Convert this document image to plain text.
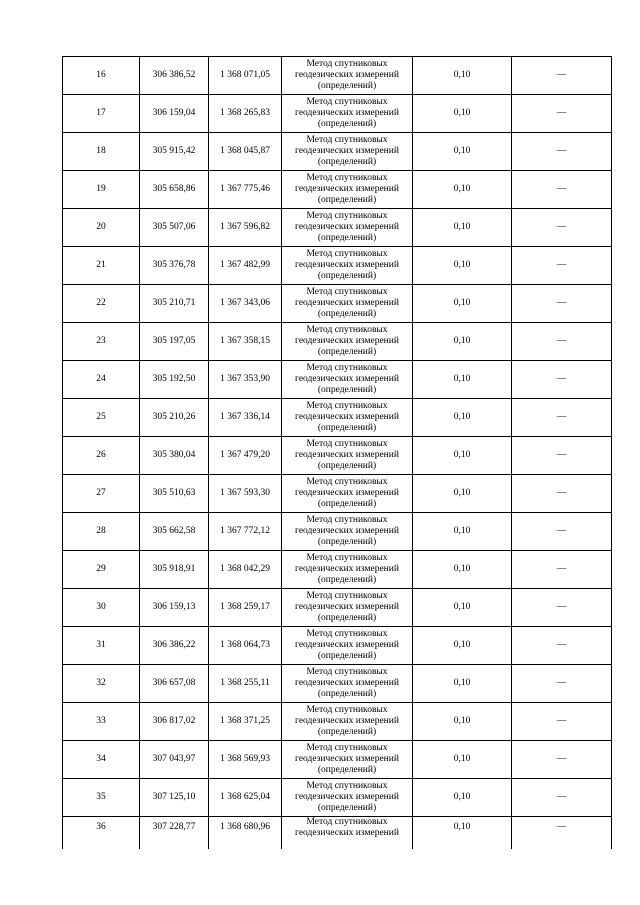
16	306 386,52	1 368 071,05	Метод спутниковых
геодезических измерений
(определений)	0,10	—
17	306 159,04	1 368 265,83	Метод спутниковых
геодезических измерений
(определений)	0,10	—
18	305 915,42	1 368 045,87	Метод спутниковых
геодезических измерений
(определений)	0,10	—
19	305 658,86	1 367 775,46	Метод спутниковых
геодезических измерений
(определений)	0,10	—
20	305 507,06	1 367 596,82	Метод спутниковых
геодезических измерений
(определений)	0,10	—
21	305 376,78	1 367 482,99	Метод спутниковых
геодезических измерений
(определений)	0,10	—
22	305 210,71	1 367 343,06	Метод спутниковых
геодезических измерений
(определений)	0,10	—
23	305 197,05	1 367 358,15	Метод спутниковых
геодезических измерений
(определений)	0,10	—
24	305 192,50	1 367 353,90	Метод спутниковых
геодезических измерений
(определений)	0,10	—
25	305 210,26	1 367 336,14	Метод спутниковых
геодезических измерений
(определений)	0,10	—
26	305 380,04	1 367 479,20	Метод спутниковых
геодезических измерений
(определений)	0,10	—
27	305 510,63	1 367 593,30	Метод спутниковых
геодезических измерений
(определений)	0,10	—
28	305 662,58	1 367 772,12	Метод спутниковых
геодезических измерений
(определений)	0,10	—
29	305 918,91	1 368 042,29	Метод спутниковых
геодезических измерений
(определений)	0,10	—
30	306 159,13	1 368 259,17	Метод спутниковых
геодезических измерений
(определений)	0,10	—
31	306 386,22	1 368 064,73	Метод спутниковых
геодезических измерений
(определений)	0,10	—
32	306 657,08	1 368 255,11	Метод спутниковых
геодезических измерений
(определений)	0,10	—
33	306 817,02	1 368 371,25	Метод спутниковых
геодезических измерений
(определений)	0,10	—
34	307 043,97	1 368 569,93	Метод спутниковых
геодезических измерений
(определений)	0,10	—
35	307 125,10	1 368 625,04	Метод спутниковых
геодезических измерений
(определений)	0,10	—
36	307 228,77	1 368 680,96	Метод спутниковых
геодезических измерений	0,10	—
